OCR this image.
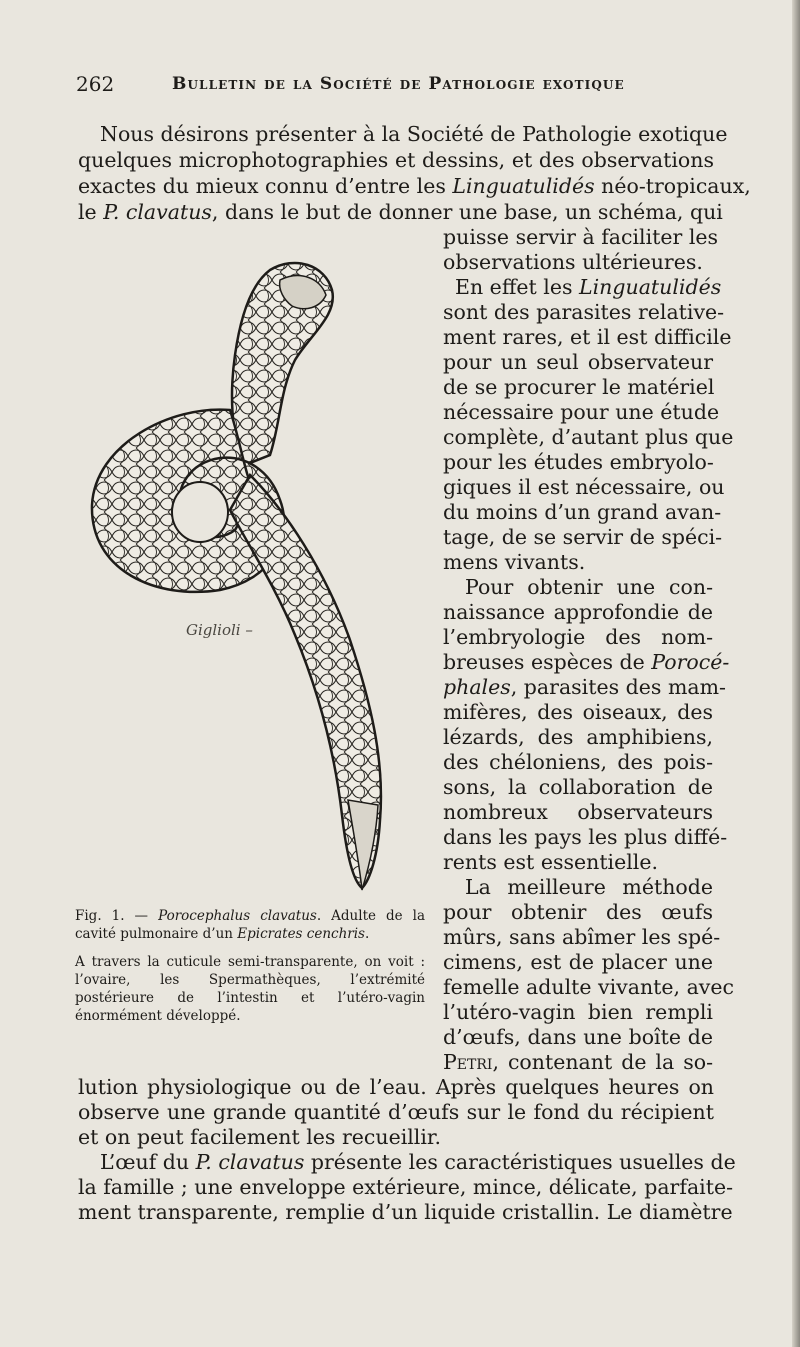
262	Bulletin de la Société de Pathologie exotique
Nous désirons présenter à la Société de Pathologie exotique
quelques microphotographies et dessins, et des observations
exactes du mieux connu d’entre les Linguatulidés néo-tropicaux,
le P. clavatus, dans le but de donner une base, un schéma, qui
puisse servir à faciliter les
observations ultérieures.
En effet les Linguatulidés
sont des parasites relative-
ment rares, et il est difficile
pour un seul observateur
de se procurer le matériel
nécessaire pour une étude
complète, d’autant plus que
pour les études embryolo-
giques il est nécessaire, ou
du moins d’un grand avan-
tage, de se servir de spéci-
mens vivants.
Pour obtenir une con-
naissance approfondie de
l’embryologie des nom-
breuses espèces de Porocé-
phales, parasites des mam-
mifères, des oiseaux, des
lézards, des amphibiens,
des chéloniens, des pois-
sons, la collaboration de
nombreux observateurs
dans les pays les plus diffé-
rents est essentielle.
La meilleure méthode
pour obtenir des œufs
mûrs, sans abîmer les spé-
cimens, est de placer une
femelle adulte vivante, avec
l’utéro-vagin bien rempli
d’œufs, dans une boîte de
Petri, contenant de la so-
lution physiologique ou de l’eau. Après quelques heures on
observe une grande quantité d’œufs sur le fond du récipient
et on peut facilement les recueillir.
L’œuf du P. clavatus présente les caractéristiques usuelles de
la famille ; une enveloppe extérieure, mince, délicate, parfaite-
ment transparente, remplie d’un liquide cristallin. Le diamètre
Giglioli –
Fig. 1. — Porocephalus clavatus. Adulte de la cavité pulmonaire d’un Epicrates cenchris.
A travers la cuticule semi-transparente, on voit : l’ovaire, les Spermathèques, l’extrémité postérieure de l’intestin et l’utéro-vagin énormément développé.
